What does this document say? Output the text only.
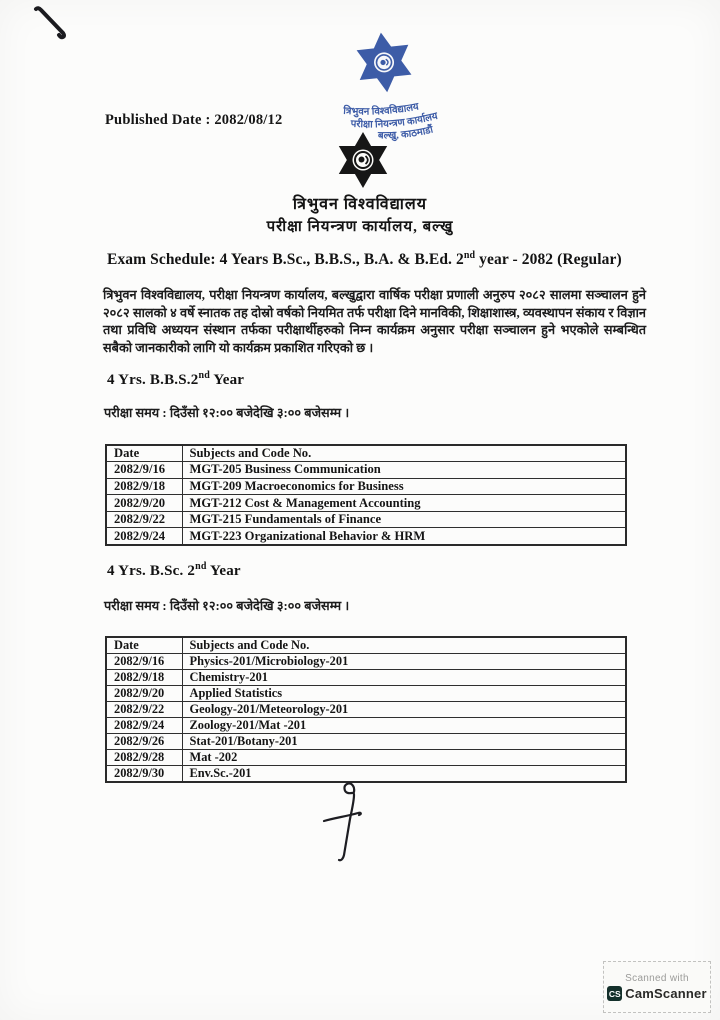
त्रिभुवन विश्वविद्यालय
परीक्षा नियन्त्रण कार्यालय
बल्खु, काठमाडौं
त्रिभुवन विश्वविद्यालय
परीक्षा नियन्त्रण कार्यालय, बल्खु
Published Date : 2082/08/12
Exam Schedule: 4 Years B.Sc., B.B.S., B.A. & B.Ed. 2nd year - 2082 (Regular)
त्रिभुवन विश्वविद्यालय, परीक्षा नियन्त्रण कार्यालय, बल्खुद्वारा वार्षिक परीक्षा प्रणाली अनुरुप २०८२ सालमा सञ्चालन हुने २०८२ सालको ४ वर्षे स्नातक तह दोस्रो वर्षको नियमित तर्फ परीक्षा दिने मानविकी, शिक्षाशास्त्र, व्यवस्थापन संकाय र विज्ञान तथा प्रविधि अध्ययन संस्थान तर्फका परीक्षार्थीहरुको निम्न कार्यक्रम अनुसार परीक्षा सञ्चालन हुने भएकोले सम्बन्धित सबैको जानकारीको लागि यो कार्यक्रम प्रकाशित गरिएको छ ।
4 Yrs. B.B.S.2nd Year
परीक्षा समय : दिउँसो १२:०० बजेदेखि ३:०० बजेसम्म ।
Date	Subjects and Code No.
2082/9/16	MGT-205 Business Communication
2082/9/18	MGT-209 Macroeconomics for Business
2082/9/20	MGT-212 Cost & Management Accounting
2082/9/22	MGT-215 Fundamentals of Finance
2082/9/24	MGT-223 Organizational Behavior & HRM
4 Yrs. B.Sc. 2nd Year
परीक्षा समय : दिउँसो १२:०० बजेदेखि ३:०० बजेसम्म ।
Date	Subjects and Code No.
2082/9/16	Physics-201/Microbiology-201
2082/9/18	Chemistry-201
2082/9/20	Applied Statistics
2082/9/22	Geology-201/Meteorology-201
2082/9/24	Zoology-201/Mat -201
2082/9/26	Stat-201/Botany-201
2082/9/28	Mat -202
2082/9/30	Env.Sc.-201
Scanned with
CS CamScanner
